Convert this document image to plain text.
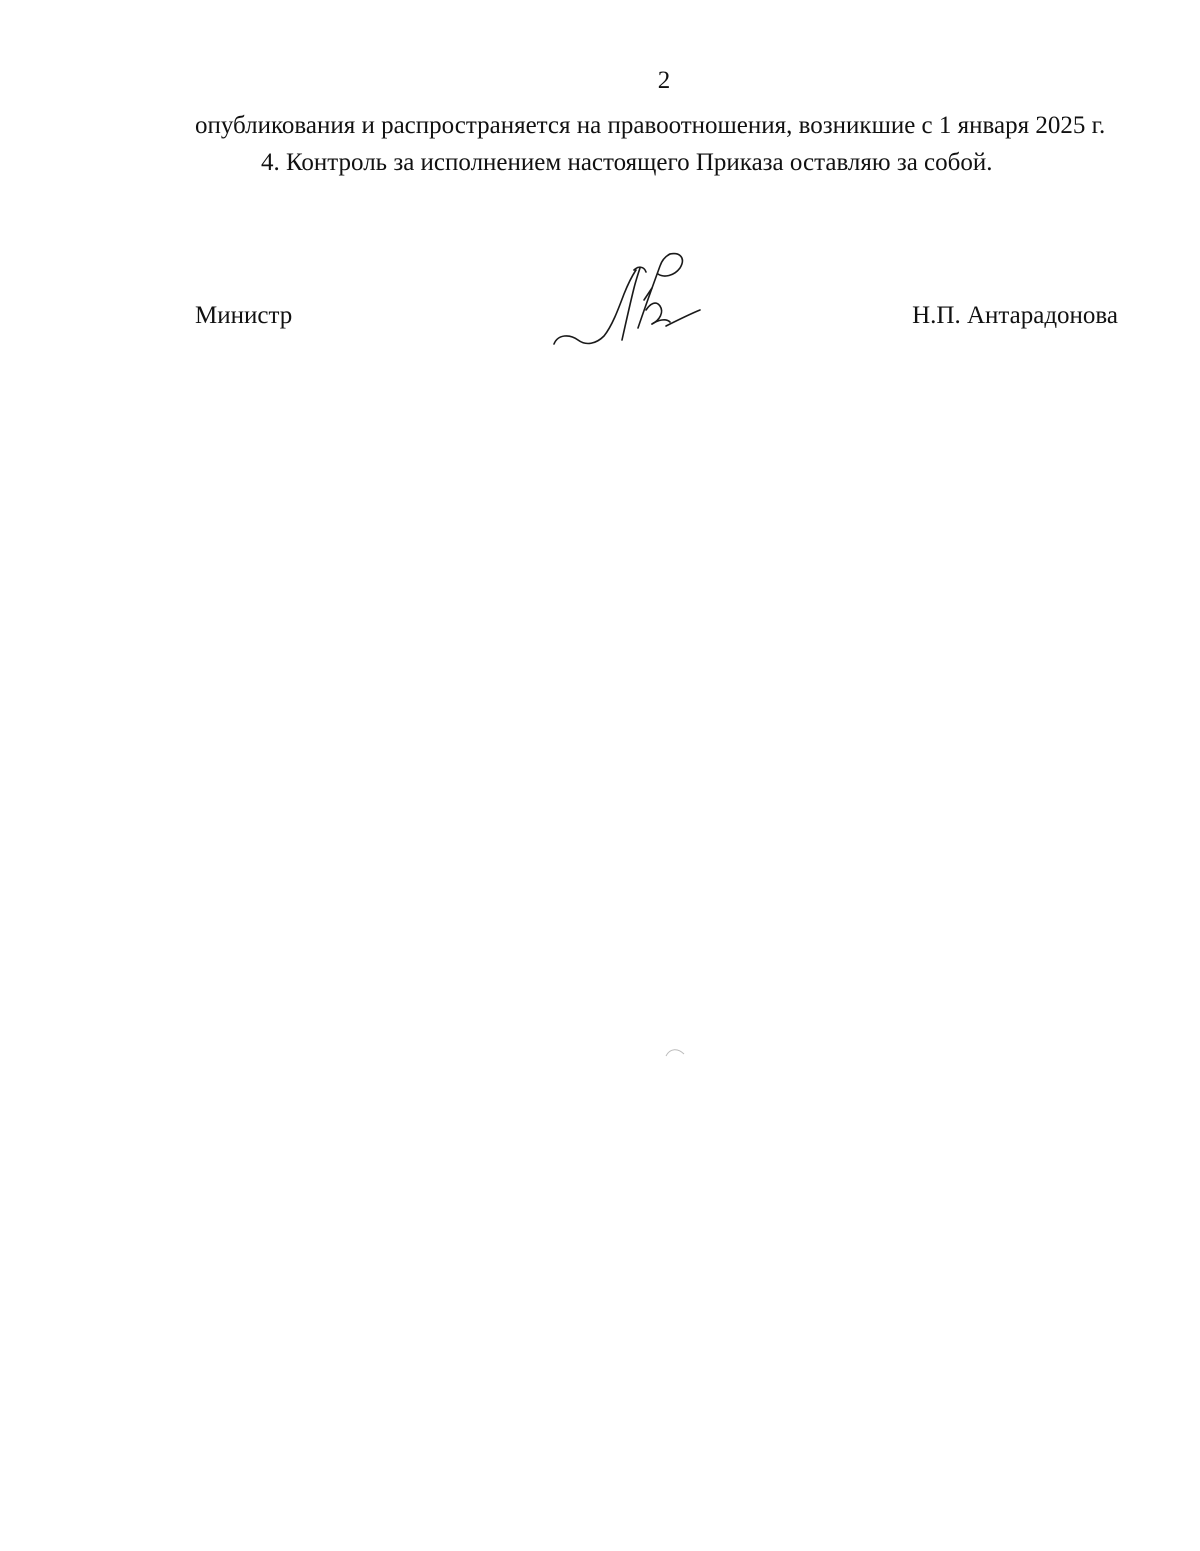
2

опубликования и распространяется на правоотношения, возникшие с 1 января 2025 г.

4. Контроль за исполнением настоящего Приказа оставляю за собой.

Министр	Н.П. Антарадонова
